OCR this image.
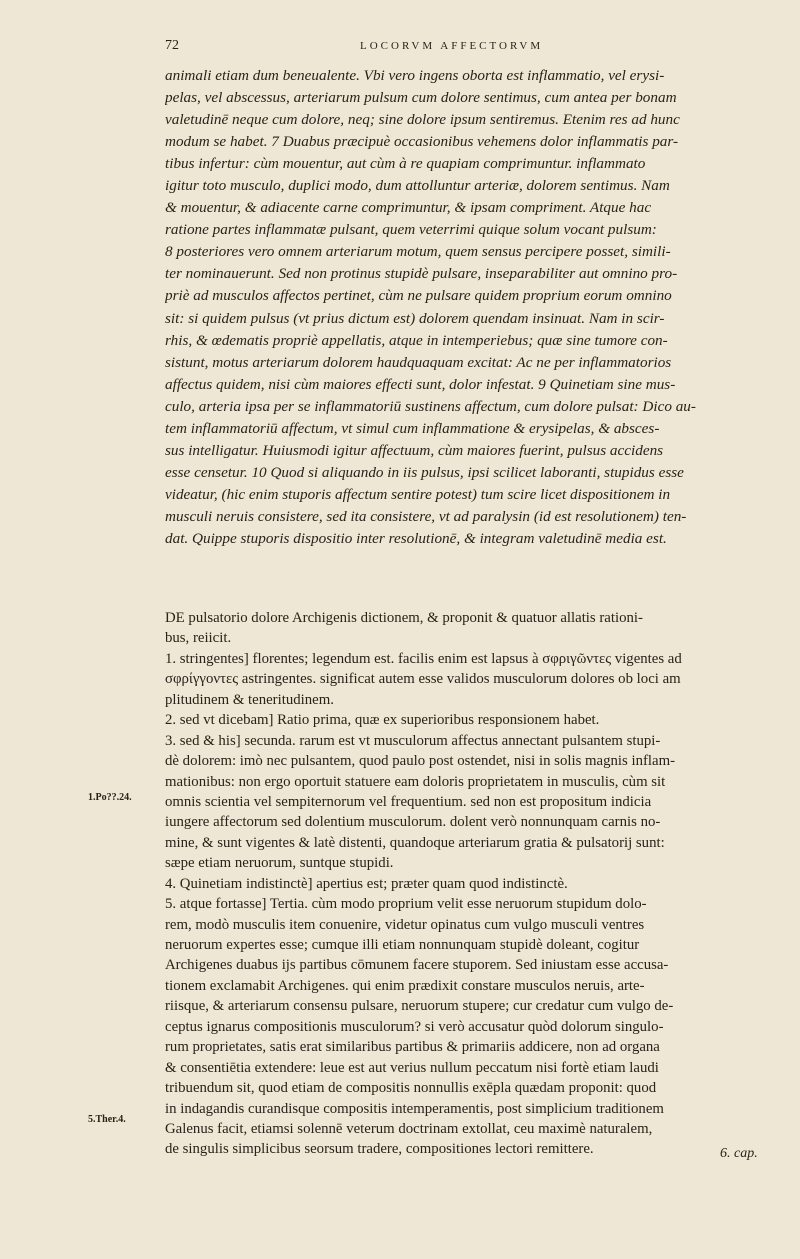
72	LOCORVM AFFECTORVM
animali etiam dum beneualente. Vbi vero ingens oborta est inflammatio, vel erysi-
pelas, vel abscessus, arteriarum pulsum cum dolore sentimus, cum antea per bonam
valetudinē neque cum dolore, neq; sine dolore ipsum sentiremus. Etenim res ad hunc
modum se habet. 7 Duabus præcipuè occasionibus vehemens dolor inflammatis par-
tibus infertur: cùm mouentur, aut cùm à re quapiam comprimuntur. inflammato
igitur toto musculo, duplici modo, dum attolluntur arteriæ, dolorem sentimus. Nam
& mouentur, & adiacente carne comprimuntur, & ipsam compriment. Atque hac
ratione partes inflammatæ pulsant, quem veterrimi quique solum vocant pulsum:
8 posteriores vero omnem arteriarum motum, quem sensus percipere posset, simili-
ter nominauerunt. Sed non protinus stupidè pulsare, inseparabiliter aut omnino pro-
priè ad musculos affectos pertinet, cùm ne pulsare quidem proprium eorum omnino
sit: si quidem pulsus (vt prius dictum est) dolorem quendam insinuat. Nam in scir-
rhis, & œdematis propriè appellatis, atque in intemperiebus; quæ sine tumore con-
sistunt, motus arteriarum dolorem haudquaquam excitat: Ac ne per inflammatorios
affectus quidem, nisi cùm maiores effecti sunt, dolor infestat. 9 Quinetiam sine mus-
culo, arteria ipsa per se inflammatoriū sustinens affectum, cum dolore pulsat: Dico au-
tem inflammatoriū affectum, vt simul cum inflammatione & erysipelas, & absces-
sus intelligatur. Huiusmodi igitur affectuum, cùm maiores fuerint, pulsus accidens
esse censetur. 10 Quod si aliquando in iis pulsus, ipsi scilicet laboranti, stupidus esse
videatur, (hic enim stuporis affectum sentire potest) tum scire licet dispositionem in
musculi neruis consistere, sed ita consistere, vt ad paralysin (id est resolutionem) ten-
dat. Quippe stuporis dispositio inter resolutionē, & integram valetudinē media est.
DE pulsatorio dolore Archigenis dictionem, & proponit & quatuor allatis rationi-
bus, reiicit.
1. stringentes] florentes; legendum est. facilis enim est lapsus à σφριγῶντες vigentes ad
σφρίγγοντες astringentes. significat autem esse validos musculorum dolores ob loci am
plitudinem & teneritudinem.
2. sed vt dicebam] Ratio prima, quæ ex superioribus responsionem habet.
3. sed & his] secunda. rarum est vt musculorum affectus annectant pulsantem stupi-
dè dolorem: imò nec pulsantem, quod paulo post ostendet, nisi in solis magnis inflam-
mationibus: non ergo oportuit statuere eam doloris proprietatem in musculis, cùm sit
omnis scientia vel sempiternorum vel frequentium. sed non est propositum indicia
iungere affectorum sed dolentium musculorum. dolent verò nonnunquam carnis no-
mine, & sunt vigentes & latè distenti, quandoque arteriarum gratia & pulsatorij sunt:
sæpe etiam neruorum, suntque stupidi.
4. Quinetiam indistinctè] apertius est; præter quam quod indistinctè.
5. atque fortasse] Tertia. cùm modo proprium velit esse neruorum stupidum dolo-
rem, modò musculis item conuenire, videtur opinatus cum vulgo musculi ventres
neruorum expertes esse; cumque illi etiam nonnunquam stupidè doleant, cogitur
Archigenes duabus ijs partibus cōmunem facere stuporem. Sed iniustam esse accusa-
tionem exclamabit Archigenes. qui enim prædixit constare musculos neruis, arte-
riisque, & arteriarum consensu pulsare, neruorum stupere; cur credatur cum vulgo de-
ceptus ignarus compositionis musculorum? si verò accusatur quòd dolorum singulo-
rum proprietates, satis erat similaribus partibus & primariis addicere, non ad organa
& consentiētia extendere: leue est aut verius nullum peccatum nisi fortè etiam laudi
tribuendum sit, quod etiam de compositis nonnullis exēpla quædam proponit: quod
in indagandis curandisque compositis intemperamentis, post simplicium traditionem
Galenus facit, etiamsi solennē veterum doctrinam extollat, ceu maximè naturalem,
de singulis simplicibus seorsum tradere, compositiones lectori remittere.
1.Po??.24.
5.Ther.4.
6. cap.
